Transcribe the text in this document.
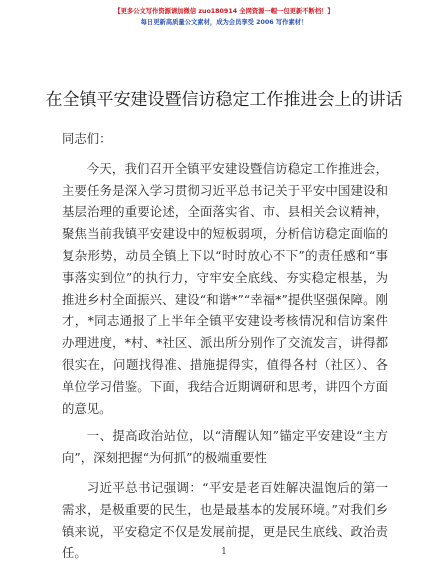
【更多公文写作资源请加微信 zuo180914 全网资源一帽一包更新不断档！】
每日更新高质量公文素材，成为会员享受 2006 写作素材！
在全镇平安建设暨信访稳定工作推进会上的讲话

同志们：

今天，我们召开全镇平安建设暨信访稳定工作推进会，主要任务是深入学习贯彻习近平总书记关于平安中国建设和基层治理的重要论述，全面落实省、市、县相关会议精神，聚焦当前我镇平安建设中的短板弱项，分析信访稳定面临的复杂形势，动员全镇上下以“时时放心不下”的责任感和“事事落实到位”的执行力，守牢安全底线、夯实稳定根基，为推进乡村全面振兴、建设“和谐*”“幸福*”提供坚强保障。刚才，*同志通报了上半年全镇平安建设考核情况和信访案件办理进度，*村、*社区、派出所分别作了交流发言，讲得都很实在，问题找得准、措施提得实，值得各村（社区）、各单位学习借鉴。下面，我结合近期调研和思考，讲四个方面的意见。

一、提高政治站位，以“清醒认知”锚定平安建设“主方向”，深刻把握“为何抓”的极端重要性

习近平总书记强调：“平安是老百姓解决温饱后的第一需求，是极重要的民生，也是最基本的发展环境。”对我们乡镇来说，平安稳定不仅是发展前提，更是民生底线、政治责任。	1
